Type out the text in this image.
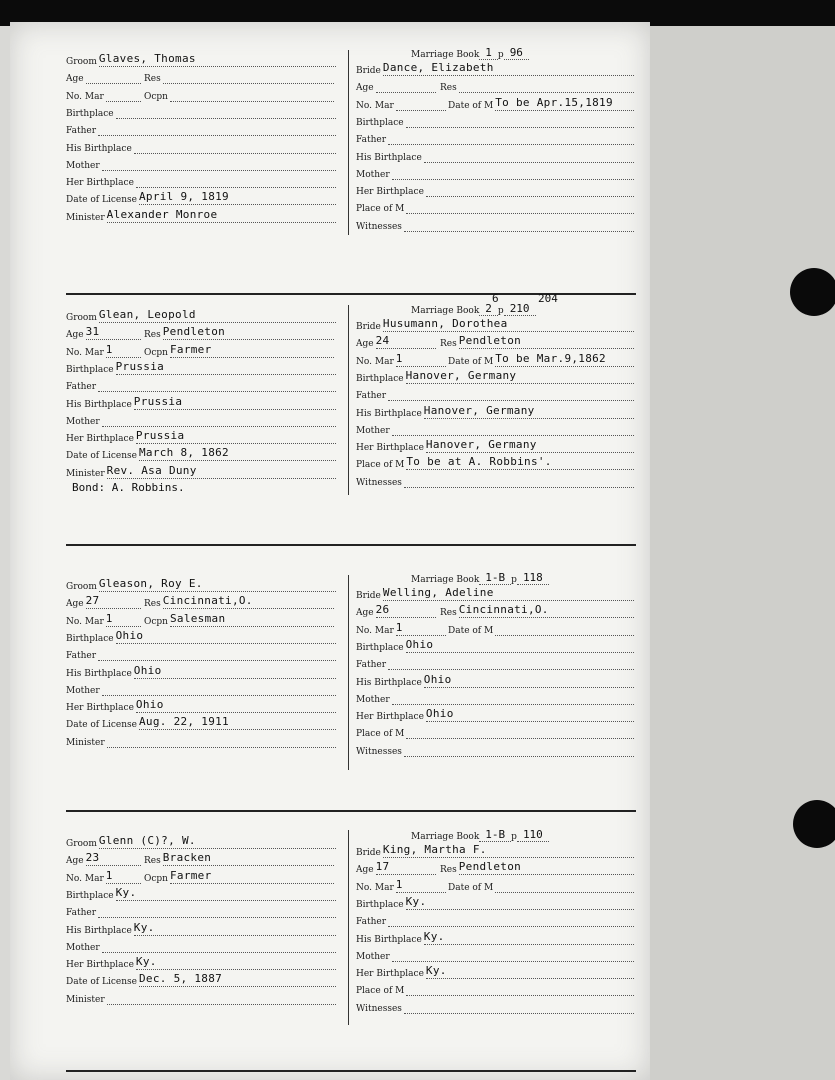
Groom Glaves, Thomas
Age	Res
No. Mar	Ocpn
Birthplace
Father
His Birthplace
Mother
Her Birthplace
Date of License April 9, 1819
Minister Alexander Monroe
Marriage Book 1 p 96
Bride Dance, Elizabeth
Age	Res
No. Mar	Date of M To be Apr.15,1819
Birthplace
Father
His Birthplace
Mother
Her Birthplace
Place of M
Witnesses
Groom Glean, Leopold
Age 31	Res Pendleton
No. Mar 1	Ocpn Farmer
Birthplace Prussia
Father
His Birthplace Prussia
Mother
Her Birthplace Prussia
Date of License March 8, 1862
Minister Rev. Asa Duny
Marriage Book 2 p 210
6	204
Bride Husumann, Dorothea
Age 24	Res Pendleton
No. Mar 1	Date of M To be Mar.9,1862
Birthplace Hanover, Germany
Father
His Birthplace Hanover, Germany
Mother
Her Birthplace Hanover, Germany
Place of M To be at A. Robbins'.
Witnesses
Bond: A. Robbins.
Groom Gleason, Roy E.
Age 27	Res Cincinnati,O.
No. Mar 1	Ocpn Salesman
Birthplace Ohio
Father
His Birthplace Ohio
Mother
Her Birthplace Ohio
Date of License Aug. 22, 1911
Minister
Marriage Book 1-B p 118
Bride Welling, Adeline
Age 26	Res Cincinnati,O.
No. Mar 1	Date of M
Birthplace Ohio
Father
His Birthplace Ohio
Mother
Her Birthplace Ohio
Place of M
Witnesses
Groom Glenn (C)?, W.
Age 23	Res Bracken
No. Mar 1	Ocpn Farmer
Birthplace Ky.
Father
His Birthplace Ky.
Mother
Her Birthplace Ky.
Date of License Dec. 5, 1887
Minister
Marriage Book 1-B p 110
Bride King, Martha F.
Age 17	Res Pendleton
No. Mar 1	Date of M
Birthplace Ky.
Father
His Birthplace Ky.
Mother
Her Birthplace Ky.
Place of M
Witnesses
